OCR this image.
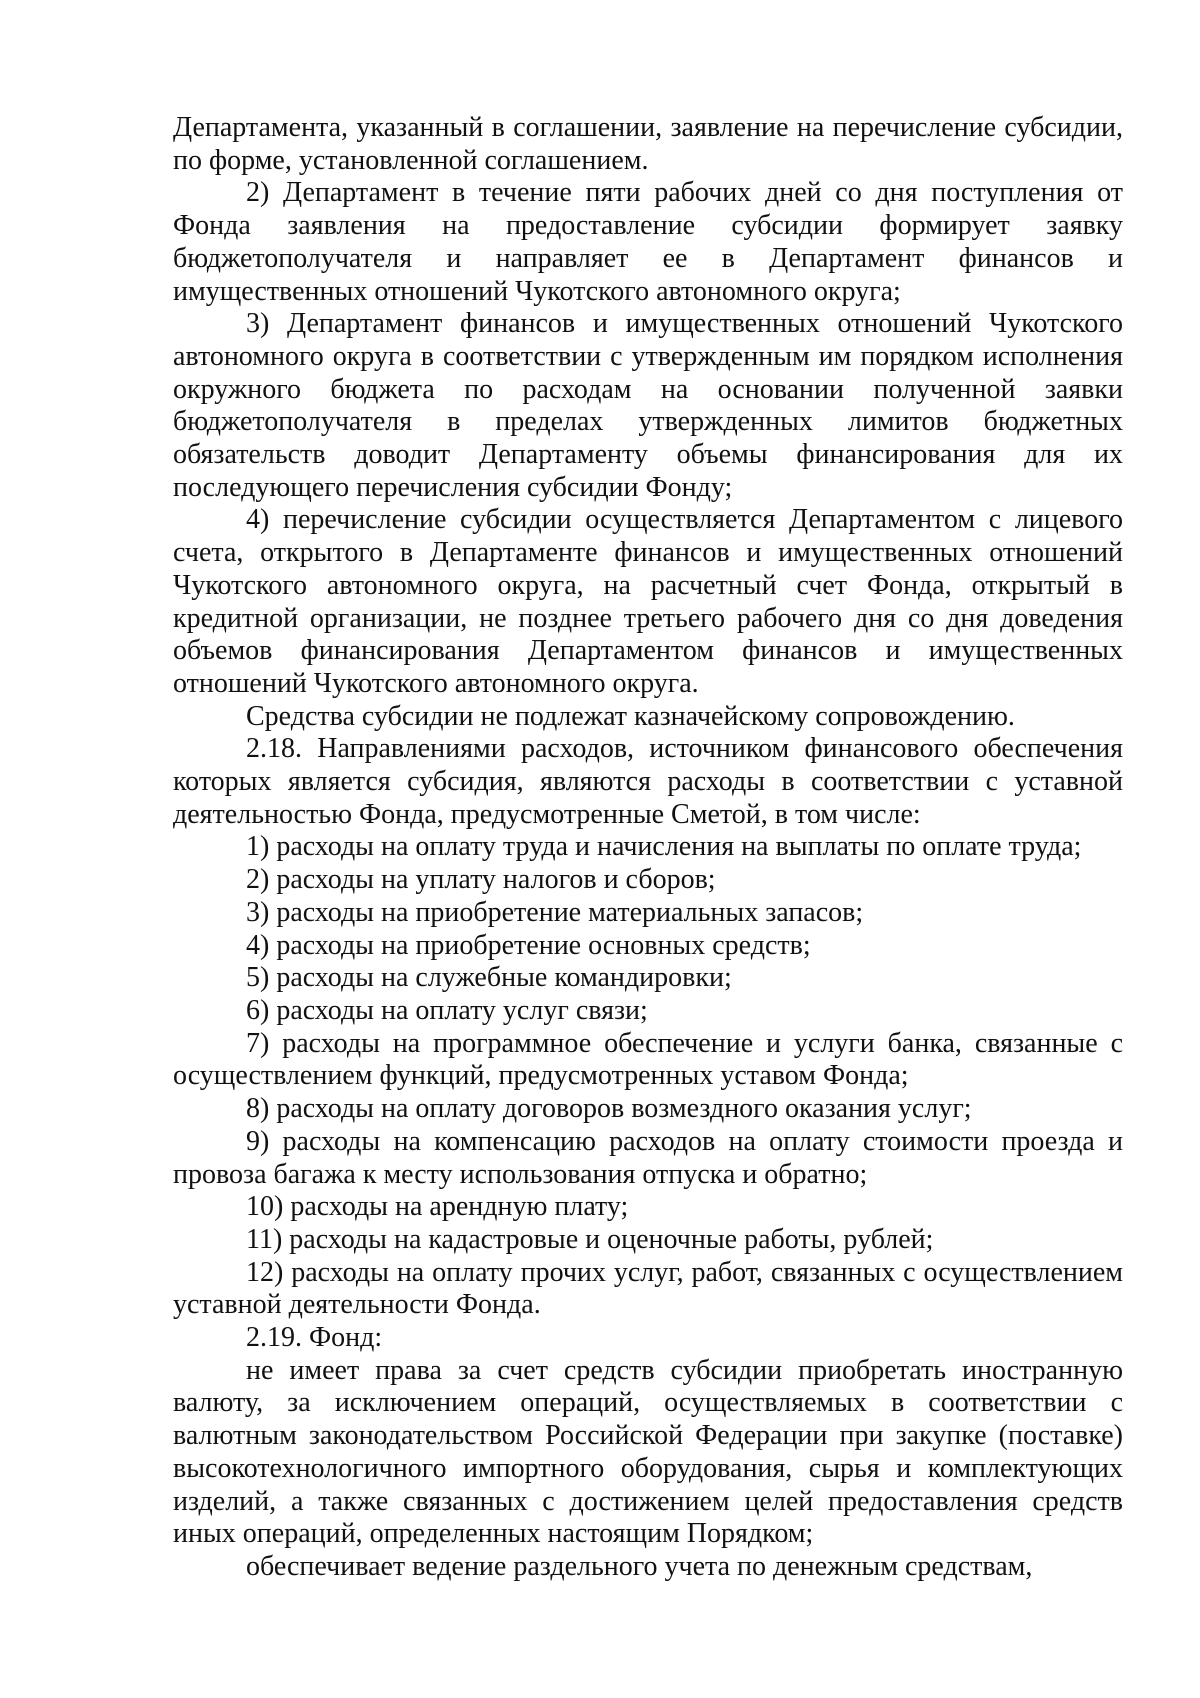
Департамента, указанный в соглашении, заявление на перечисление субсидии, по форме, установленной соглашением.

2) Департамент в течение пяти рабочих дней со дня поступления от Фонда заявления на предоставление субсидии формирует заявку бюджетополучателя и направляет ее в Департамент финансов и имущественных отношений Чукотского автономного округа;

3) Департамент финансов и имущественных отношений Чукотского автономного округа в соответствии с утвержденным им порядком исполнения окружного бюджета по расходам на основании полученной заявки бюджетополучателя в пределах утвержденных лимитов бюджетных обязательств доводит Департаменту объемы финансирования для их последующего перечисления субсидии Фонду;

4) перечисление субсидии осуществляется Департаментом с лицевого счета, открытого в Департаменте финансов и имущественных отношений Чукотского автономного округа, на расчетный счет Фонда, открытый в кредитной организации, не позднее третьего рабочего дня со дня доведения объемов финансирования Департаментом финансов и имущественных отношений Чукотского автономного округа.

Средства субсидии не подлежат казначейскому сопровождению.

2.18. Направлениями расходов, источником финансового обеспечения которых является субсидия, являются расходы в соответствии с уставной деятельностью Фонда, предусмотренные Сметой, в том числе:

1) расходы на оплату труда и начисления на выплаты по оплате труда;

2) расходы на уплату налогов и сборов;

3) расходы на приобретение материальных запасов;

4) расходы на приобретение основных средств;

5) расходы на служебные командировки;

6) расходы на оплату услуг связи;

7) расходы на программное обеспечение и услуги банка, связанные с осуществлением функций, предусмотренных уставом Фонда;

8) расходы на оплату договоров возмездного оказания услуг;

9) расходы на компенсацию расходов на оплату стоимости проезда и провоза багажа к месту использования отпуска и обратно;

10) расходы на арендную плату;

11) расходы на кадастровые и оценочные работы, рублей;

12) расходы на оплату прочих услуг, работ, связанных с осуществлением уставной деятельности Фонда.

2.19. Фонд:

не имеет права за счет средств субсидии приобретать иностранную валюту, за исключением операций, осуществляемых в соответствии с валютным законодательством Российской Федерации при закупке (поставке) высокотехнологичного импортного оборудования, сырья и комплектующих изделий, а также связанных с достижением целей предоставления средств иных операций, определенных настоящим Порядком;

обеспечивает ведение раздельного учета по денежным средствам,
